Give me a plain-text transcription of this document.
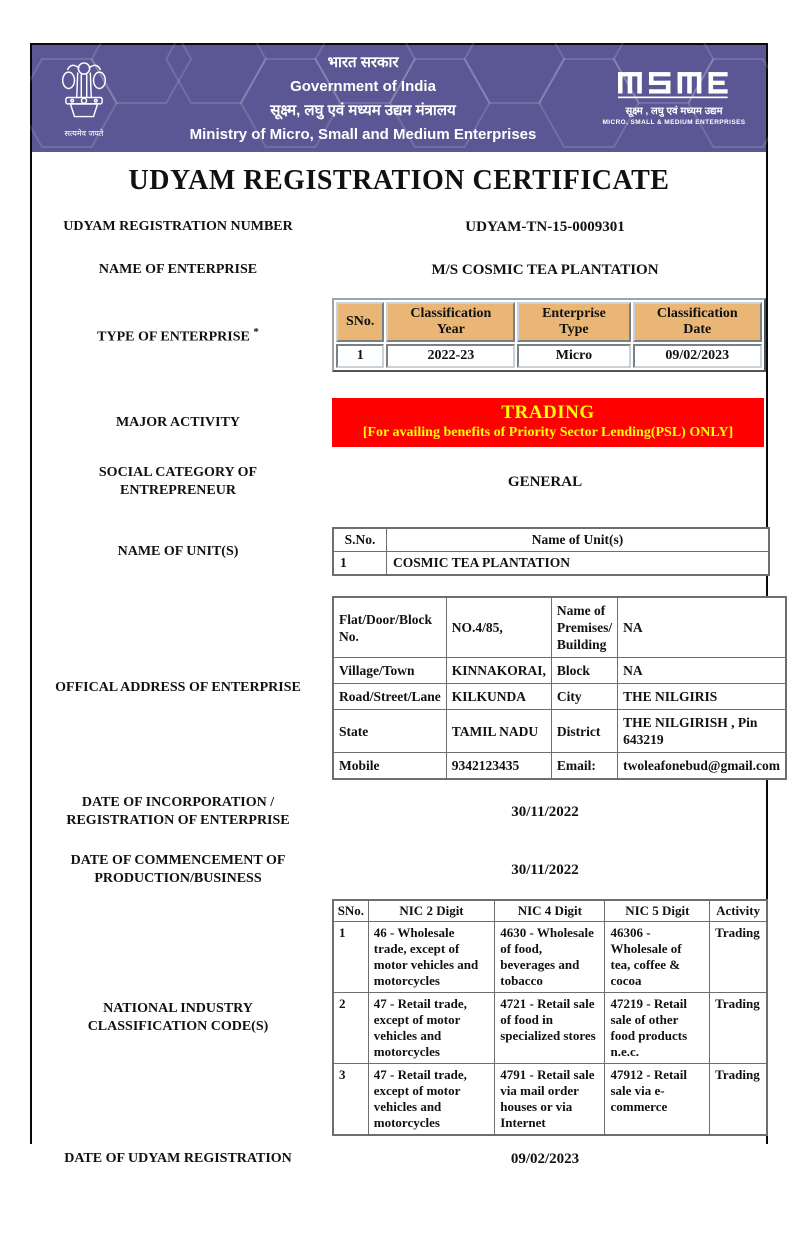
सत्यमेव जयते
भारत सरकार
Government of India
सूक्ष्म, लघु एवं मध्यम उद्यम मंत्रालय
Ministry of Micro, Small and Medium Enterprises
सूक्ष्म , लघु एवं मध्यम उद्यम
MICRO, SMALL & MEDIUM ENTERPRISES
UDYAM REGISTRATION CERTIFICATE
UDYAM REGISTRATION NUMBER	UDYAM-TN-15-0009301
NAME OF ENTERPRISE	M/S COSMIC TEA PLANTATION
TYPE OF ENTERPRISE *
SNo.	Classification Year	Enterprise Type	Classification Date
1	2022-23	Micro	09/02/2023
MAJOR ACTIVITY	TRADING
[For availing benefits of Priority Sector Lending(PSL) ONLY]
SOCIAL CATEGORY OF ENTREPRENEUR
GENERAL
NAME OF UNIT(S)
S.No.	Name of Unit(s)
1	COSMIC TEA PLANTATION
OFFICAL ADDRESS OF ENTERPRISE
Flat/Door/Block No.	NO.4/85,	Name of Premises/ Building	NA
Village/Town	KINNAKORAI,	Block	NA
Road/Street/Lane	KILKUNDA	City	THE NILGIRIS
State	TAMIL NADU	District	THE NILGIRISH , Pin 643219
Mobile	9342123435	Email:	twoleafonebud@gmail.com
DATE OF INCORPORATION / REGISTRATION OF ENTERPRISE
30/11/2022
DATE OF COMMENCEMENT OF PRODUCTION/BUSINESS
30/11/2022
NATIONAL INDUSTRY CLASSIFICATION CODE(S)
SNo.	NIC 2 Digit	NIC 4 Digit	NIC 5 Digit	Activity
1	46 - Wholesale trade, except of motor vehicles and motorcycles	4630 - Wholesale of food, beverages and tobacco	46306 - Wholesale of tea, coffee & cocoa	Trading
2	47 - Retail trade, except of motor vehicles and motorcycles	4721 - Retail sale of food in specialized stores	47219 - Retail sale of other food products n.e.c.	Trading
3	47 - Retail trade, except of motor vehicles and motorcycles	4791 - Retail sale via mail order houses or via Internet	47912 - Retail sale via e-commerce	Trading
DATE OF UDYAM REGISTRATION	09/02/2023
